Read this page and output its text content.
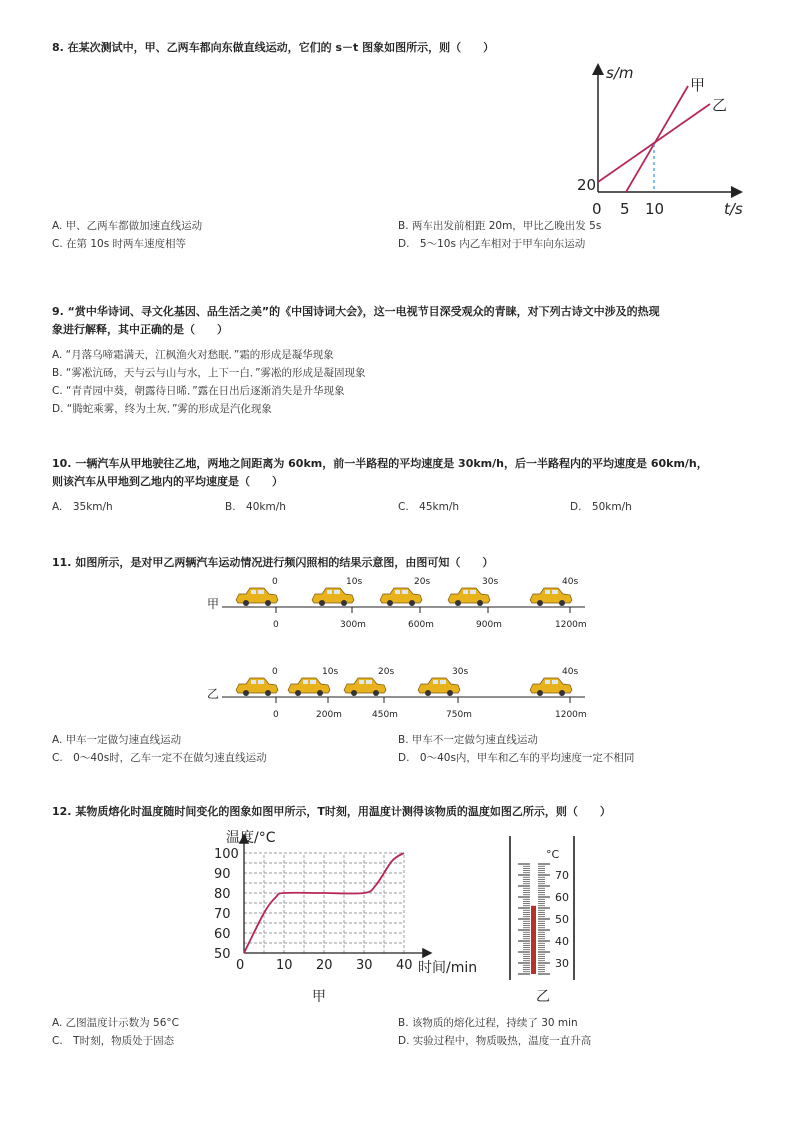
8. 在某次测试中，甲、乙两车都向东做直线运动，它们的 s－t 图象如图所示，则（　　）
s/m
t/s
0
20
5 10
甲
乙
A. 甲、乙两车都做加速直线运动	B. 两车出发前相距 20m，甲比乙晚出发 5s
C. 在第 10s 时两车速度相等	D.　5～10s 内乙车相对于甲车向东运动
9. “赏中华诗词、寻文化基因、品生活之美”的《中国诗词大会》，这一电视节目深受观众的青睐，对下列古诗文中涉及的热现
象进行解释，其中正确的是（　　）
A. “月落乌啼霜满天，江枫渔火对愁眠．”霜的形成是凝华现象
B. “雾凇沆砀，天与云与山与水，上下一白．”雾凇的形成是凝固现象
C. “青青园中葵，朝露待日晞．”露在日出后逐渐消失是升华现象
D. “腾蛇乘雾，终为土灰．”雾的形成是汽化现象
10. 一辆汽车从甲地驶往乙地，两地之间距离为 60km，前一半路程的平均速度是 30km/h，后一半路程内的平均速度是 60km/h，
则该汽车从甲地到乙地内的平均速度是（　　）
A.　35km/h	B.　40km/h	C.　45km/h	D.　50km/h
11. 如图所示，是对甲乙两辆汽车运动情况进行频闪照相的结果示意图，由图可知（　　）
甲
0	10s	20s	30s	40s
0	300m	600m	900m	1200m
乙
0	10s	20s	30s	40s
0	200m	450m	750m	1200m
A. 甲车一定做匀速直线运动	B. 甲车不一定做匀速直线运动
C.　0～40s时，乙车一定不在做匀速直线运动	D.　0～40s内，甲车和乙车的平均速度一定不相同
12. 某物质熔化时温度随时间变化的图象如图甲所示，T时刻，用温度计测得该物质的温度如图乙所示，则（　　）
50
60
70
80
90
100
0 10 20 30 40
温度/°C
时间/min
甲
°C
70
60
50
40
30
乙
A. 乙图温度计示数为 56°C	B. 该物质的熔化过程，持续了 30 min
C.　T时刻，物质处于固态	D. 实验过程中，物质吸热，温度一直升高
